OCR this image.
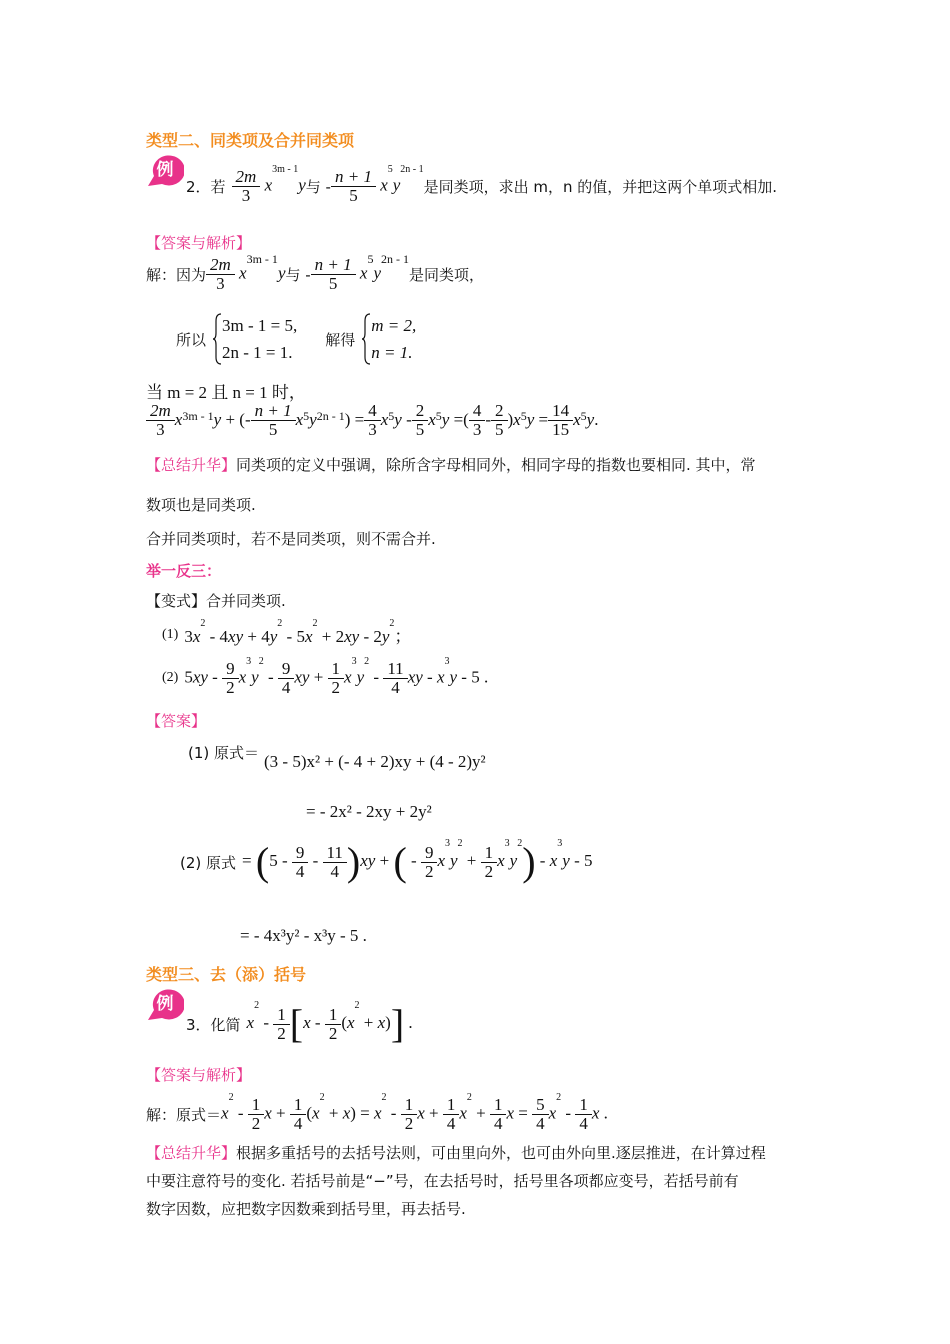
类型二、同类项及合并同类项
例
2．若 $\frac{2m}{3} x^{3m - 1}y$ 与 - $\frac{n + 1}{5} x^5y^{2n - 1}$
是同类项，求出 m，n 的值，并把这两个单项式相加.
【答案与解析】
解：因为 $\frac{2m}{3} x^{3m - 1}y$ 与 - $\frac{n + 1}{5} x^5y^{2n - 1}$
是同类项，
所以
3m - 1 = 5,
2n - 1 = 1.
解得
m = 2,
n = 1.
当 m = 2 且 n = 1 时，
$\frac{2m}{3} x^{3m - 1}$ y + (- $\frac{n + 1}{5} x^5$ $y^{2n - 1}$ ) = $\frac{4}{3} x^5$ y - $\frac{2}{5} x^5$ y =( $\frac{4}{3} - \frac{2}{5}$ ) $x^5$ $y = \frac{14}{15} x^5$ y .
【总结升华】同类项的定义中强调，除所含字母相同外，相同字母的指数也要相同. 其中，常
数项也是同类项.
合并同类项时，若不是同类项，则不需合并.
举一反三：
【变式】合并同类项.
(1) $3x^2 - 4xy + 4y^2 - 5x^2 + 2xy - 2y^2$；
(2) $5xy - \frac{9}{2} x^3y^2 - \frac{9}{4}$ xy + $\frac{1}{2} x^3y^2 - \frac{11}{4}$ xy - $x^3y - 5$ .
【答案】
(1) 原式＝ (3 - 5)x² + (- 4 + 2)xy + (4 - 2)y²
= - 2x² - 2xy + 2y²
(2) 原式 = $(5 - \frac{9}{4} - \frac{11}{4} )xy$ + ( - $\frac{9}{2} x^3y^2 + \frac{1}{2} x^3y^2) - x^3y - 5$
= - 4x³y² - x³y - 5 .
类型三、去（添）括号
例
3．化简 $x^2 - \frac{1}{2} [x - \frac{1}{2} (x^2 + x)]$ .
【答案与解析】
解：原式＝ $x^2 - \frac{1}{2}$ $x + \frac{1}{4} (x^2 + x) = x^2 - \frac{1}{2}$ $x + \frac{1}{4} x^2 + \frac{1}{4}$ $x = \frac{5}{4} x^2 - \frac{1}{4}$ x .
【总结升华】根据多重括号的去括号法则，可由里向外，也可由外向里.逐层推进，在计算过程
中要注意符号的变化. 若括号前是“−”号，在去括号时，括号里各项都应变号，若括号前有
数字因数，应把数字因数乘到括号里，再去括号.
